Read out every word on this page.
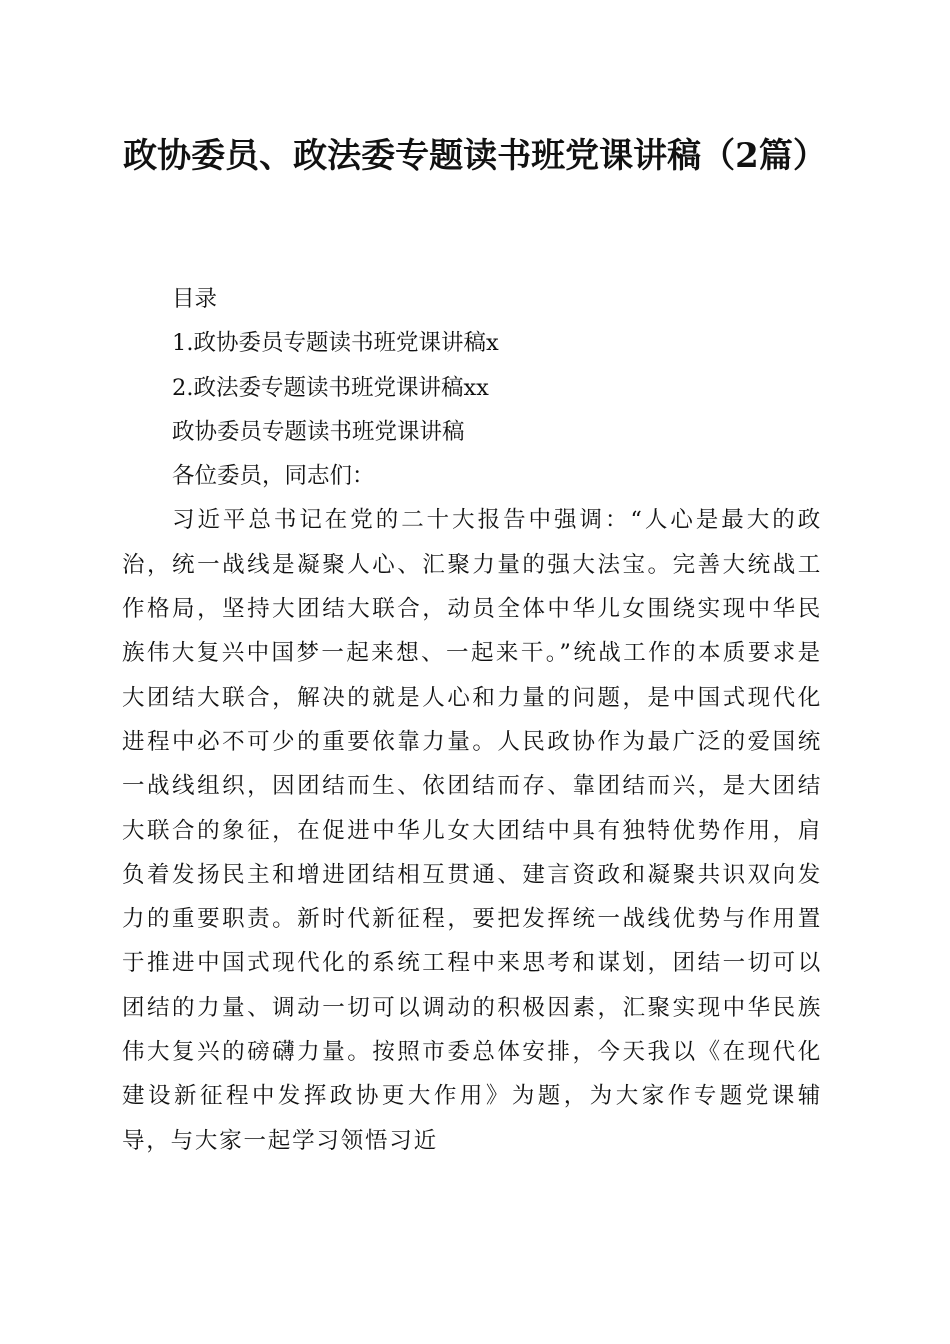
政协委员、政法委专题读书班党课讲稿（2篇）

目录

1.政协委员专题读书班党课讲稿x

2.政法委专题读书班党课讲稿xx

政协委员专题读书班党课讲稿

各位委员，同志们：

习近平总书记在党的二十大报告中强调：“人心是最大的政治，统一战线是凝聚人心、汇聚力量的强大法宝。完善大统战工作格局，坚持大团结大联合，动员全体中华儿女围绕实现中华民族伟大复兴中国梦一起来想、一起来干。”统战工作的本质要求是大团结大联合，解决的就是人心和力量的问题，是中国式现代化进程中必不可少的重要依靠力量。人民政协作为最广泛的爱国统一战线组织，因团结而生、依团结而存、靠团结而兴，是大团结大联合的象征，在促进中华儿女大团结中具有独特优势作用，肩负着发扬民主和增进团结相互贯通、建言资政和凝聚共识双向发力的重要职责。新时代新征程，要把发挥统一战线优势与作用置于推进中国式现代化的系统工程中来思考和谋划，团结一切可以团结的力量、调动一切可以调动的积极因素，汇聚实现中华民族伟大复兴的磅礴力量。按照市委总体安排，今天我以《在现代化建设新征程中发挥政协更大作用》为题，为大家作专题党课辅导，与大家一起学习领悟习近
